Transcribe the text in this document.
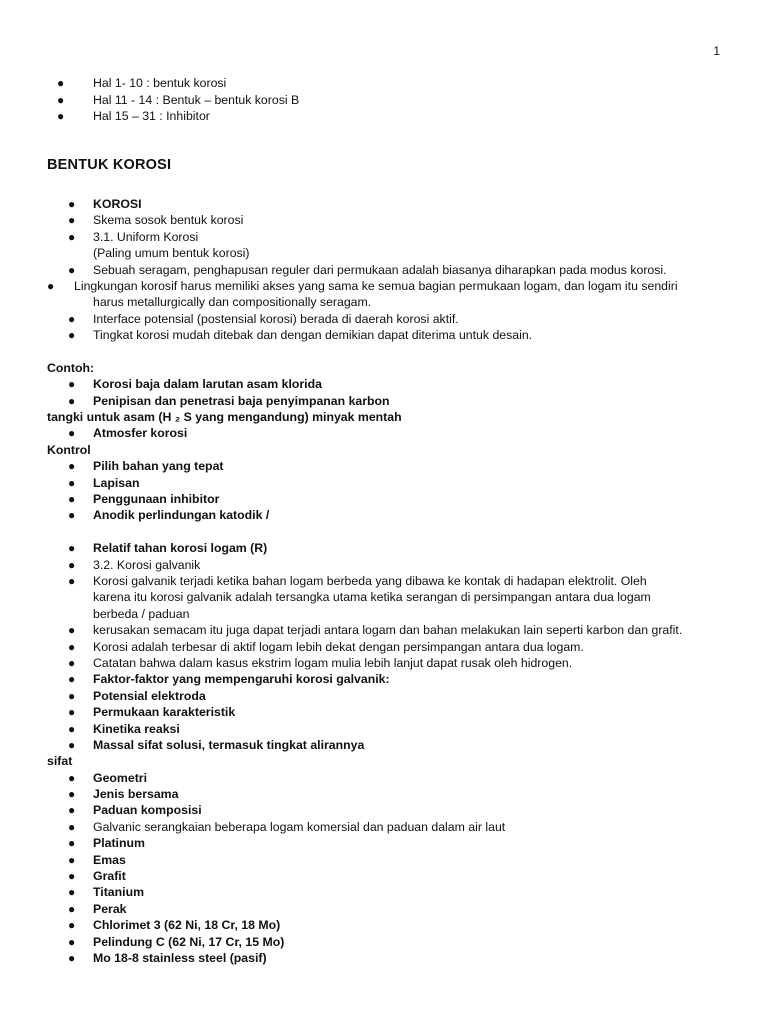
1
● Hal 1- 10 : bentuk korosi
● Hal 11 - 14 : Bentuk – bentuk korosi B
● Hal 15 – 31 : Inhibitor
BENTUK KOROSI
● KOROSI
● Skema sosok bentuk korosi
● 3.1. Uniform Korosi
(Paling umum bentuk korosi)
● Sebuah seragam, penghapusan reguler dari permukaan adalah biasanya diharapkan pada modus korosi.
● Lingkungan korosif harus memiliki akses yang sama ke semua bagian permukaan logam, dan logam itu sendiri
harus metallurgically dan compositionally seragam.
● Interface potensial (postensial korosi) berada di daerah korosi aktif.
● Tingkat korosi mudah ditebak dan dengan demikian dapat diterima untuk desain.
Contoh:
● Korosi baja dalam larutan asam klorida
● Penipisan dan penetrasi baja penyimpanan karbon
tangki untuk asam (H ₂ S yang mengandung) minyak mentah
● Atmosfer korosi
Kontrol
● Pilih bahan yang tepat
● Lapisan
● Penggunaan inhibitor
● Anodik perlindungan katodik /
● Relatif tahan korosi logam (R)
● 3.2. Korosi galvanik
● Korosi galvanik terjadi ketika bahan logam berbeda yang dibawa ke kontak di hadapan elektrolit. Oleh
karena itu korosi galvanik adalah tersangka utama ketika serangan di persimpangan antara dua logam
berbeda / paduan
● kerusakan semacam itu juga dapat terjadi antara logam dan bahan melakukan lain seperti karbon dan grafit.
● Korosi adalah terbesar di aktif logam lebih dekat dengan persimpangan antara dua logam.
● Catatan bahwa dalam kasus ekstrim logam mulia lebih lanjut dapat rusak oleh hidrogen.
● Faktor-faktor yang mempengaruhi korosi galvanik:
● Potensial elektroda
● Permukaan karakteristik
● Kinetika reaksi
● Massal sifat solusi, termasuk tingkat alirannya
sifat
● Geometri
● Jenis bersama
● Paduan komposisi
● Galvanic serangkaian beberapa logam komersial dan paduan dalam air laut
● Platinum
● Emas
● Grafit
● Titanium
● Perak
● Chlorimet 3 (62 Ni, 18 Cr, 18 Mo)
● Pelindung C (62 Ni, 17 Cr, 15 Mo)
● Mo 18-8 stainless steel (pasif)
